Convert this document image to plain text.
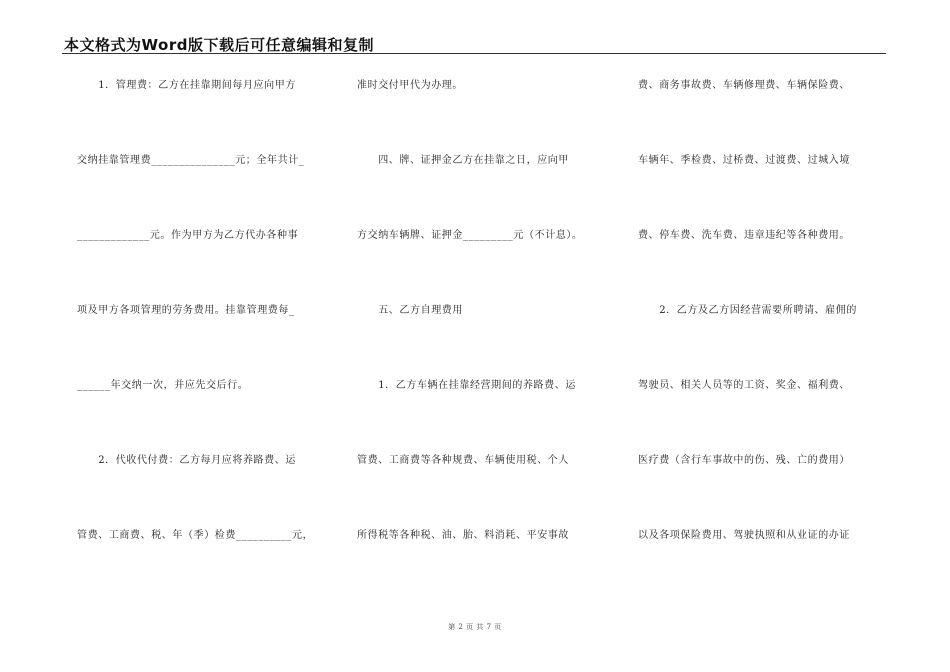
本文格式为Word版下载后可任意编辑和复制
　　1．管理费：乙方在挂靠期间每月应向甲方
交纳挂靠管理费_______________元；全年共计_
_____________元。作为甲方为乙方代办各种事
项及甲方各项管理的劳务费用。挂靠管理费每_
______年交纳一次，并应先交后行。
　　2．代收代付费：乙方每月应将养路费、运
管费、工商费、税、年（季）检费__________元，
准时交付甲代为办理。
　　四、牌、证押金乙方在挂靠之日，应向甲
方交纳车辆牌、证押金_________元（不计息）。
　　五、乙方自理费用
　　1．乙方车辆在挂靠经营期间的养路费、运
管费、工商费等各种规费、车辆使用税、个人
所得税等各种税、油、胎、料消耗、平安事故
费、商务事故费、车辆修理费、车辆保险费、
车辆年、季检费、过桥费、过渡费、过城入境
费、停车费、洗车费、违章违纪等各种费用。
　　2．乙方及乙方因经营需要所聘请、雇佣的
驾驶员、相关人员等的工资、奖金、福利费、
医疗费（含行车事故中的伤、残、亡的费用）
以及各项保险费用、驾驶执照和从业证的办证
第 2 页 共 7 页
